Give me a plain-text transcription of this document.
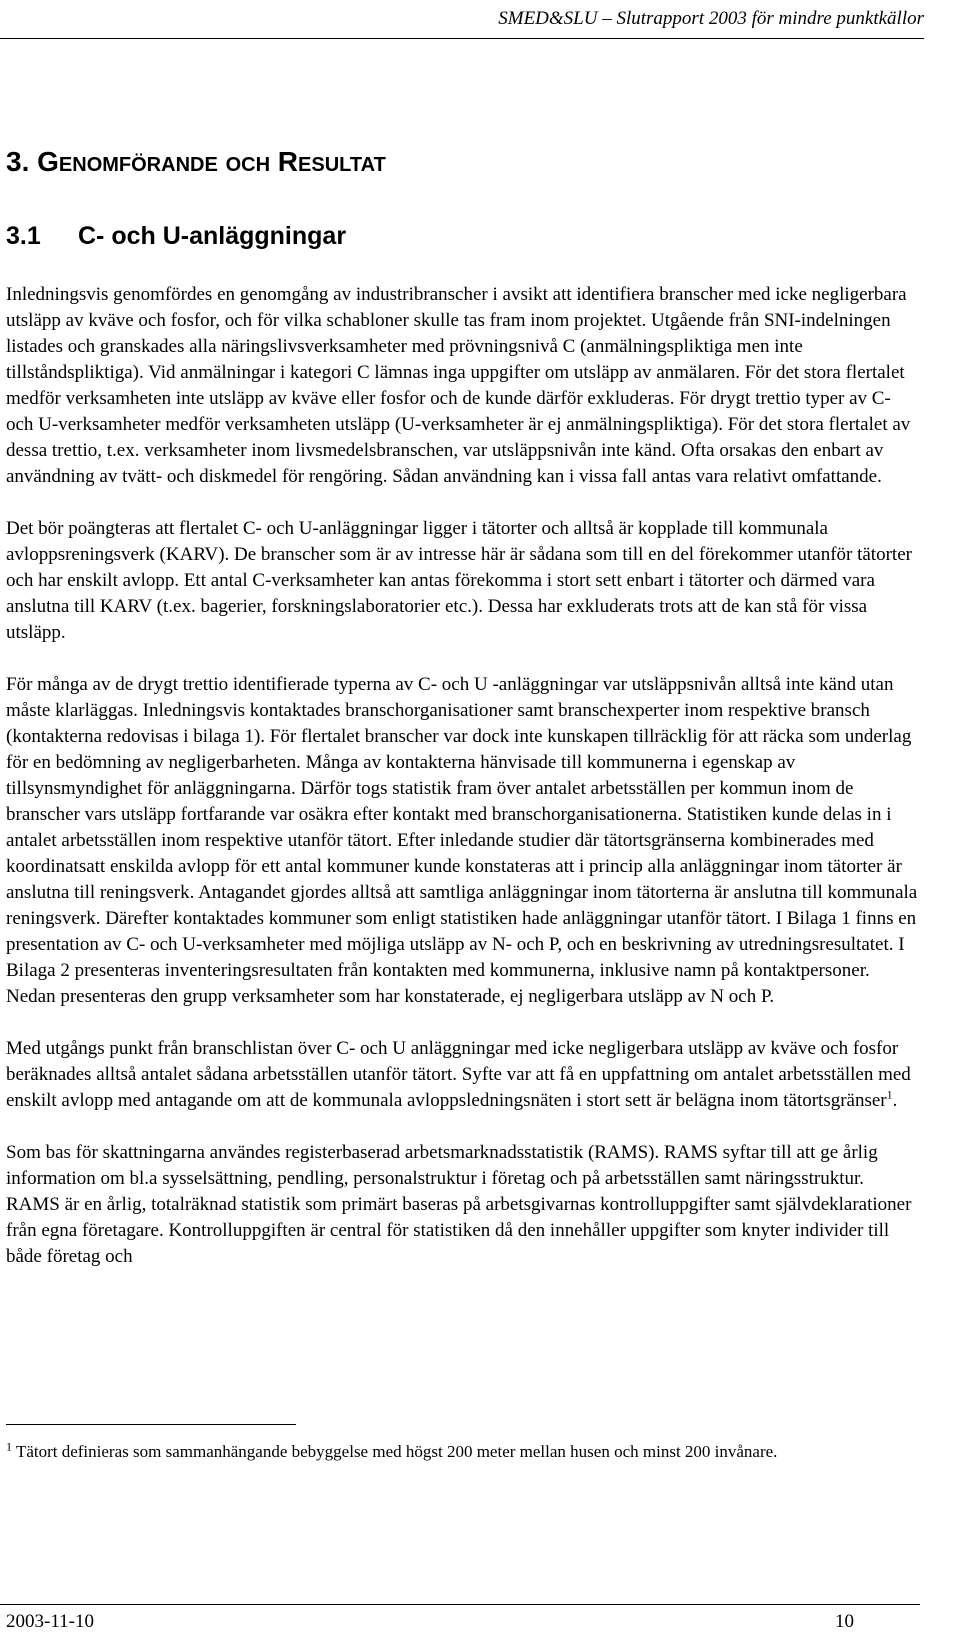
SMED&SLU – Slutrapport 2003 för mindre punktkällor
3. Genomförande och Resultat
3.1 C- och U-anläggningar

Inledningsvis genomfördes en genomgång av industribranscher i avsikt att identifiera branscher med icke negligerbara utsläpp av kväve och fosfor, och för vilka schabloner skulle tas fram inom projektet. Utgående från SNI-indelningen listades och granskades alla näringslivsverksamheter med prövningsnivå C (anmälningspliktiga men inte tillståndspliktiga). Vid anmälningar i kategori C lämnas inga uppgifter om utsläpp av anmälaren. För det stora flertalet medför verksamheten inte utsläpp av kväve eller fosfor och de kunde därför exkluderas. För drygt trettio typer av C- och U-verksamheter medför verksamheten utsläpp (U-verksamheter är ej anmälningspliktiga). För det stora flertalet av dessa trettio, t.ex. verksamheter inom livsmedelsbranschen, var utsläppsnivån inte känd. Ofta orsakas den enbart av användning av tvätt- och diskmedel för rengöring. Sådan användning kan i vissa fall antas vara relativt omfattande.

Det bör poängteras att flertalet C- och U-anläggningar ligger i tätorter och alltså är kopplade till kommunala avloppsreningsverk (KARV). De branscher som är av intresse här är sådana som till en del förekommer utanför tätorter och har enskilt avlopp. Ett antal C-verksamheter kan antas förekomma i stort sett enbart i tätorter och därmed vara anslutna till KARV (t.ex. bagerier, forskningslaboratorier etc.). Dessa har exkluderats trots att de kan stå för vissa utsläpp.

För många av de drygt trettio identifierade typerna av C- och U -anläggningar var utsläppsnivån alltså inte känd utan måste klarläggas. Inledningsvis kontaktades branschorganisationer samt branschexperter inom respektive bransch (kontakterna redovisas i bilaga 1). För flertalet branscher var dock inte kunskapen tillräcklig för att räcka som underlag för en bedömning av negligerbarheten. Många av kontakterna hänvisade till kommunerna i egenskap av tillsynsmyndighet för anläggningarna. Därför togs statistik fram över antalet arbetsställen per kommun inom de branscher vars utsläpp fortfarande var osäkra efter kontakt med branschorganisationerna. Statistiken kunde delas in i antalet arbetsställen inom respektive utanför tätort. Efter inledande studier där tätortsgränserna kombinerades med koordinatsatt enskilda avlopp för ett antal kommuner kunde konstateras att i princip alla anläggningar inom tätorter är anslutna till reningsverk. Antagandet gjordes alltså att samtliga anläggningar inom tätorterna är anslutna till kommunala reningsverk. Därefter kontaktades kommuner som enligt statistiken hade anläggningar utanför tätort. I Bilaga 1 finns en presentation av C- och U-verksamheter med möjliga utsläpp av N- och P, och en beskrivning av utredningsresultatet. I Bilaga 2 presenteras inventeringsresultaten från kontakten med kommunerna, inklusive namn på kontaktpersoner. Nedan presenteras den grupp verksamheter som har konstaterade, ej negligerbara utsläpp av N och P.

Med utgångs punkt från branschlistan över C- och U anläggningar med icke negligerbara utsläpp av kväve och fosfor beräknades alltså antalet sådana arbetsställen utanför tätort. Syfte var att få en uppfattning om antalet arbetsställen med enskilt avlopp med antagande om att de kommunala avloppsledningsnäten i stort sett är belägna inom tätortsgränser$^1$.

Som bas för skattningarna användes registerbaserad arbetsmarknadsstatistik (RAMS). RAMS syftar till att ge årlig information om bl.a sysselsättning, pendling, personalstruktur i företag och på arbetsställen samt näringsstruktur. RAMS är en årlig, totalräknad statistik som primärt baseras på arbetsgivarnas kontrolluppgifter samt självdeklarationer från egna företagare. Kontrolluppgiften är central för statistiken då den innehåller uppgifter som knyter individer till både företag och

$^1$ Tätort definieras som sammanhängande bebyggelse med högst 200 meter mellan husen och minst 200 invånare.
2003-11-10	10
